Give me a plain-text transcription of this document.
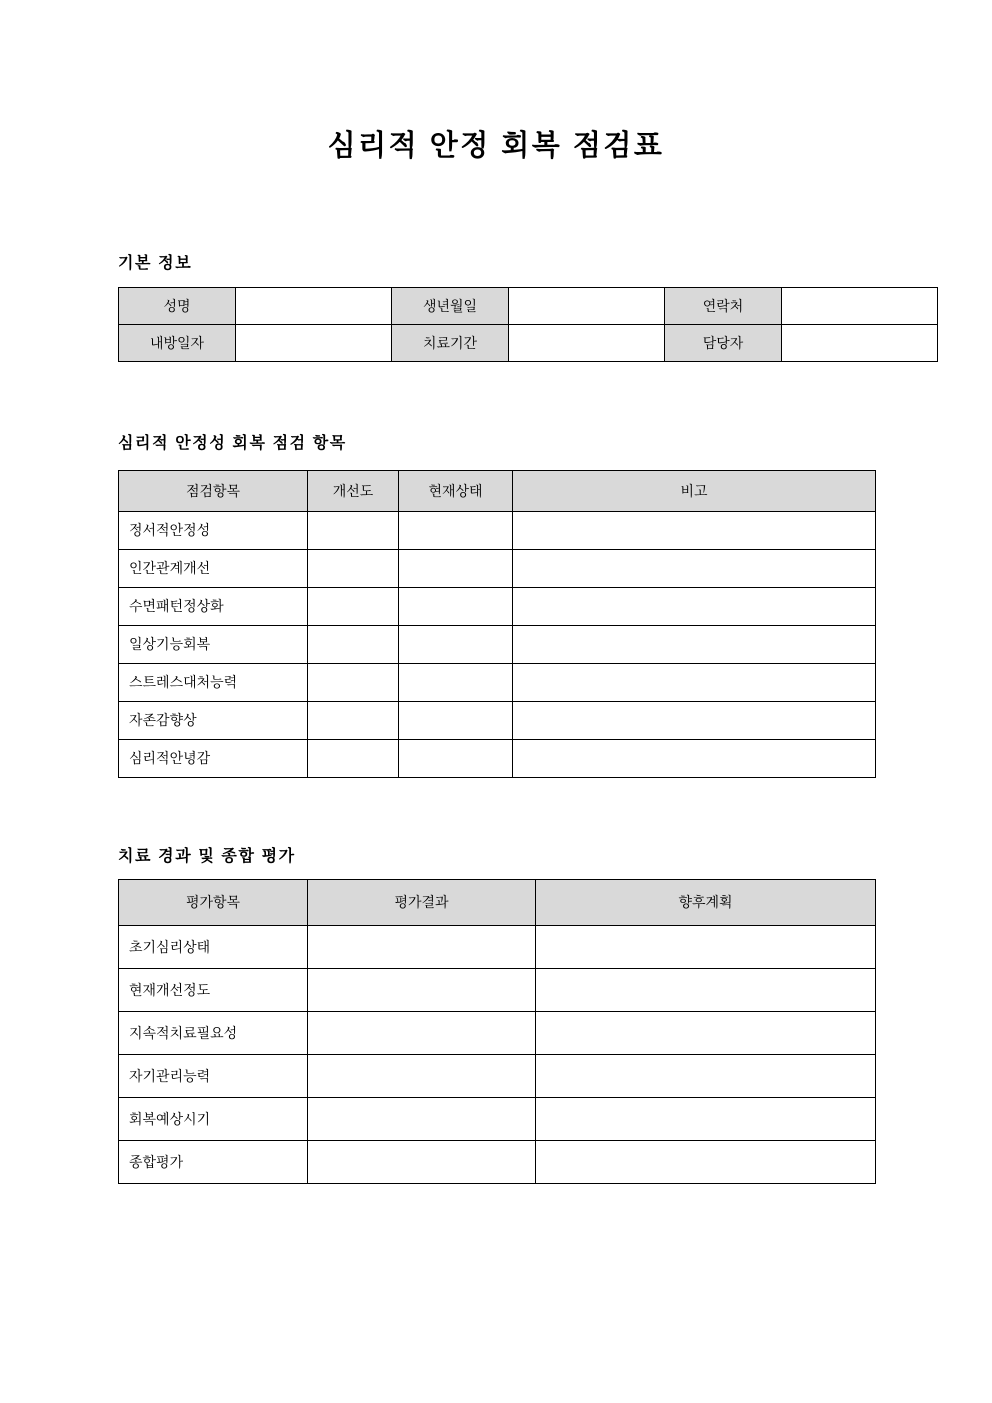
심리적 안정 회복 점검표
기본 정보
성명		생년월일		연락처	
내방일자		치료기간		담당자	
심리적 안정성 회복 점검 항목
점검항목	개선도	현재상태	비고
정서적안정성			
인간관계개선			
수면패턴정상화			
일상기능회복			
스트레스대처능력			
자존감향상			
심리적안녕감			
치료 경과 및 종합 평가
평가항목	평가결과	향후계획
초기심리상태		
현재개선정도		
지속적치료필요성		
자기관리능력		
회복예상시기		
종합평가		
